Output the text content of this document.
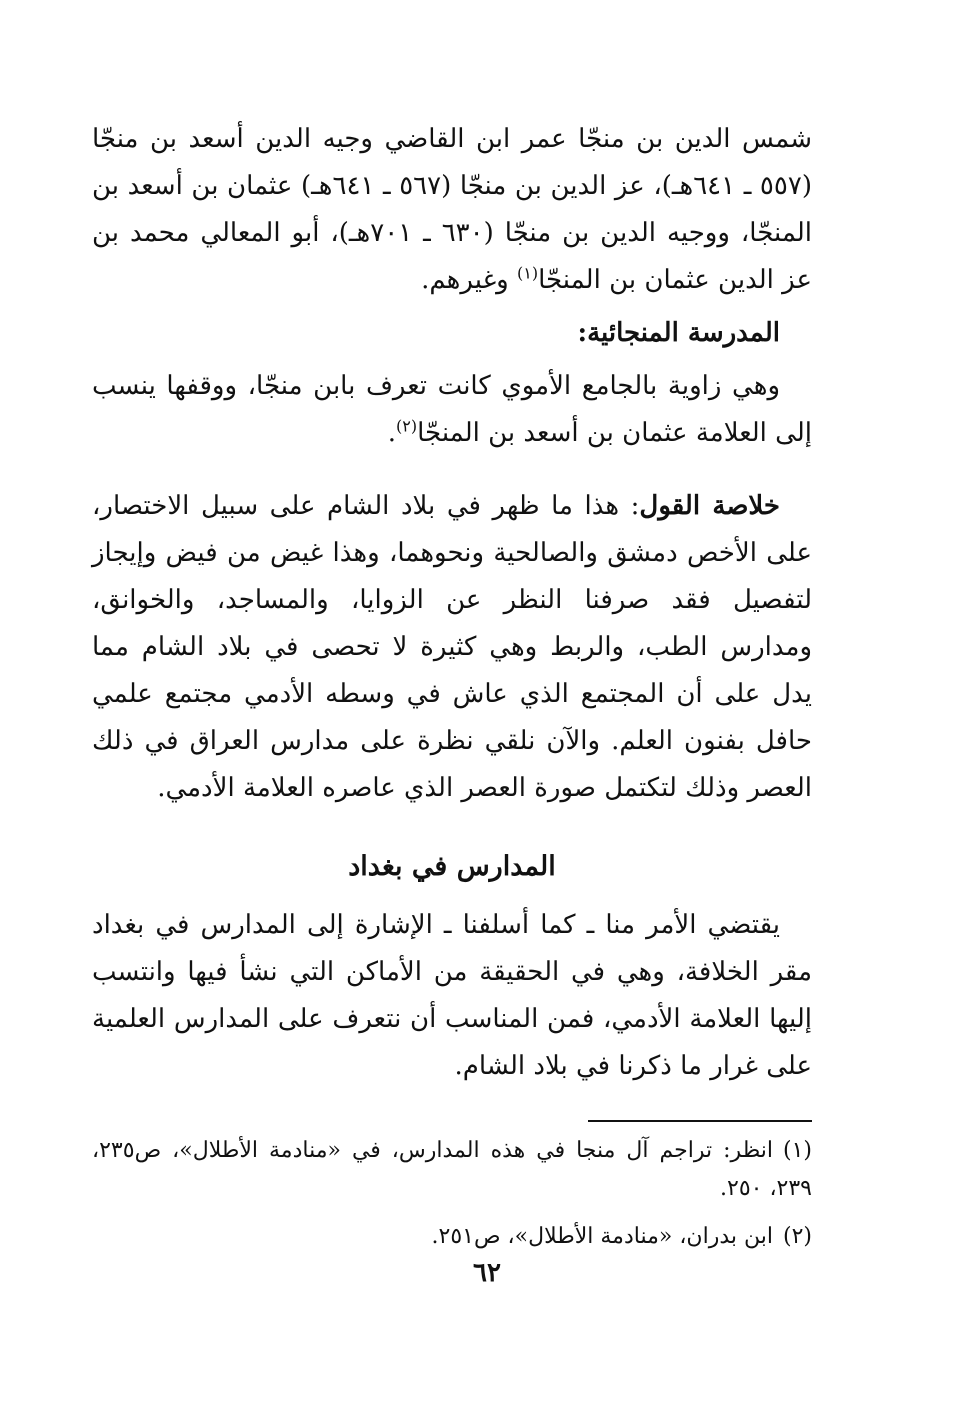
شمس الدين بن منجّا عمر ابن القاضي وجيه الدين أسعد بن منجّا (٥٥٧ ـ ٦٤١هـ)، عز الدين بن منجّا (٥٦٧ ـ ٦٤١هـ) عثمان بن أسعد بن المنجّا، ووجيه الدين بن منجّا (٦٣٠ ـ ٧٠١هـ)، أبو المعالي محمد بن عز الدين عثمان بن المنجّا$^{(١)}$ وغيرهم.

المدرسة المنجائية:

وهي زاوية بالجامع الأموي كانت تعرف بابن منجّا، ووقفها ينسب إلى العلامة عثمان بن أسعد بن المنجّا$^{(٢)}$.

خلاصة القول: هذا ما ظهر في بلاد الشام على سبيل الاختصار، على الأخص دمشق والصالحية ونحوهما، وهذا غيض من فيض وإيجاز لتفصيل فقد صرفنا النظر عن الزوايا، والمساجد، والخوانق، ومدارس الطب، والربط وهي كثيرة لا تحصى في بلاد الشام مما يدل على أن المجتمع الذي عاش في وسطه الأدمي مجتمع علمي حافل بفنون العلم. والآن نلقي نظرة على مدارس العراق في ذلك العصر وذلك لتكتمل صورة العصر الذي عاصره العلامة الأدمي.

المدارس في بغداد

يقتضي الأمر منا ـ كما أسلفنا ـ الإشارة إلى المدارس في بغداد مقر الخلافة، وهي في الحقيقة من الأماكن التي نشأ فيها وانتسب إليها العلامة الأدمي، فمن المناسب أن نتعرف على المدارس العلمية على غرار ما ذكرنا في بلاد الشام.

(١)انظر: تراجم آل منجا في هذه المدارس، في «منادمة الأطلال»، ص٢٣٥، ٢٣٩، ٢٥٠.

(٢)ابن بدران، «منادمة الأطلال»، ص٢٥١.

٦٢
